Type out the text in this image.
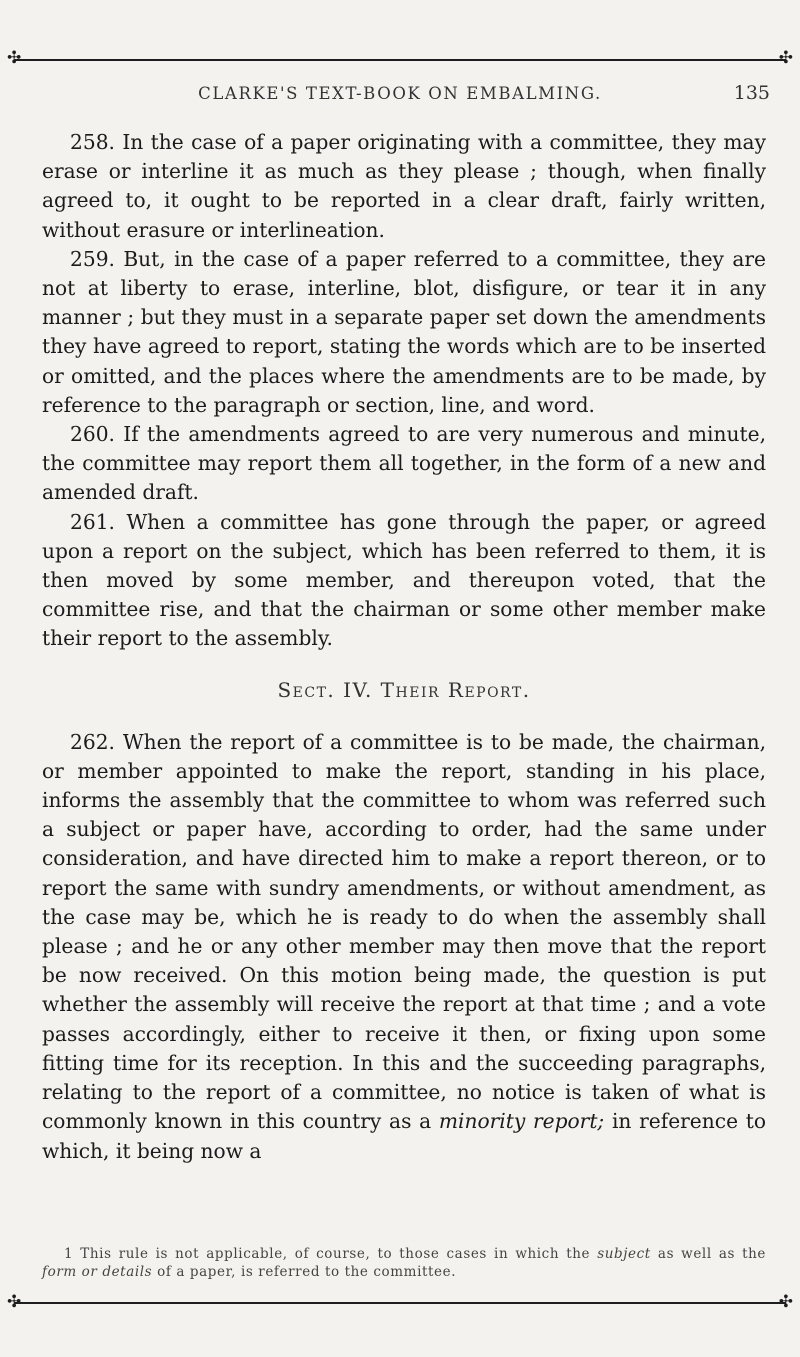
✣	✣
CLARKE'S TEXT-BOOK ON EMBALMING.	135

258. In the case of a paper originating with a committee, they may erase or interline it as much as they please ; though, when finally agreed to, it ought to be reported in a clear draft, fairly written, without erasure or interlineation.

259. But, in the case of a paper referred to a committee, they are not at liberty to erase, interline, blot, disfigure, or tear it in any manner ; but they must in a separate paper set down the amendments they have agreed to report, stating the words which are to be inserted or omitted, and the places where the amendments are to be made, by reference to the paragraph or section, line, and word.

260. If the amendments agreed to are very numerous and minute, the committee may report them all together, in the form of a new and amended draft.

261. When a committee has gone through the paper, or agreed upon a report on the subject, which has been referred to them, it is then moved by some member, and thereupon voted, that the committee rise, and that the chairman or some other member make their report to the assembly.

Sect. IV. Their Report.

262. When the report of a committee is to be made, the chairman, or member appointed to make the report, standing in his place, informs the assembly that the committee to whom was referred such a subject or paper have, according to order, had the same under consideration, and have directed him to make a report thereon, or to report the same with sundry amendments, or without amendment, as the case may be, which he is ready to do when the assembly shall please ; and he or any other member may then move that the report be now received. On this motion being made, the question is put whether the assembly will receive the report at that time ; and a vote passes accordingly, either to receive it then, or fixing upon some fitting time for its reception. In this and the succeeding paragraphs, relating to the report of a committee, no notice is taken of what is commonly known in this country as a minority report; in reference to which, it being now a

1 This rule is not applicable, of course, to those cases in which the subject as well as the form or details of a paper, is referred to the committee.
✣	✣
